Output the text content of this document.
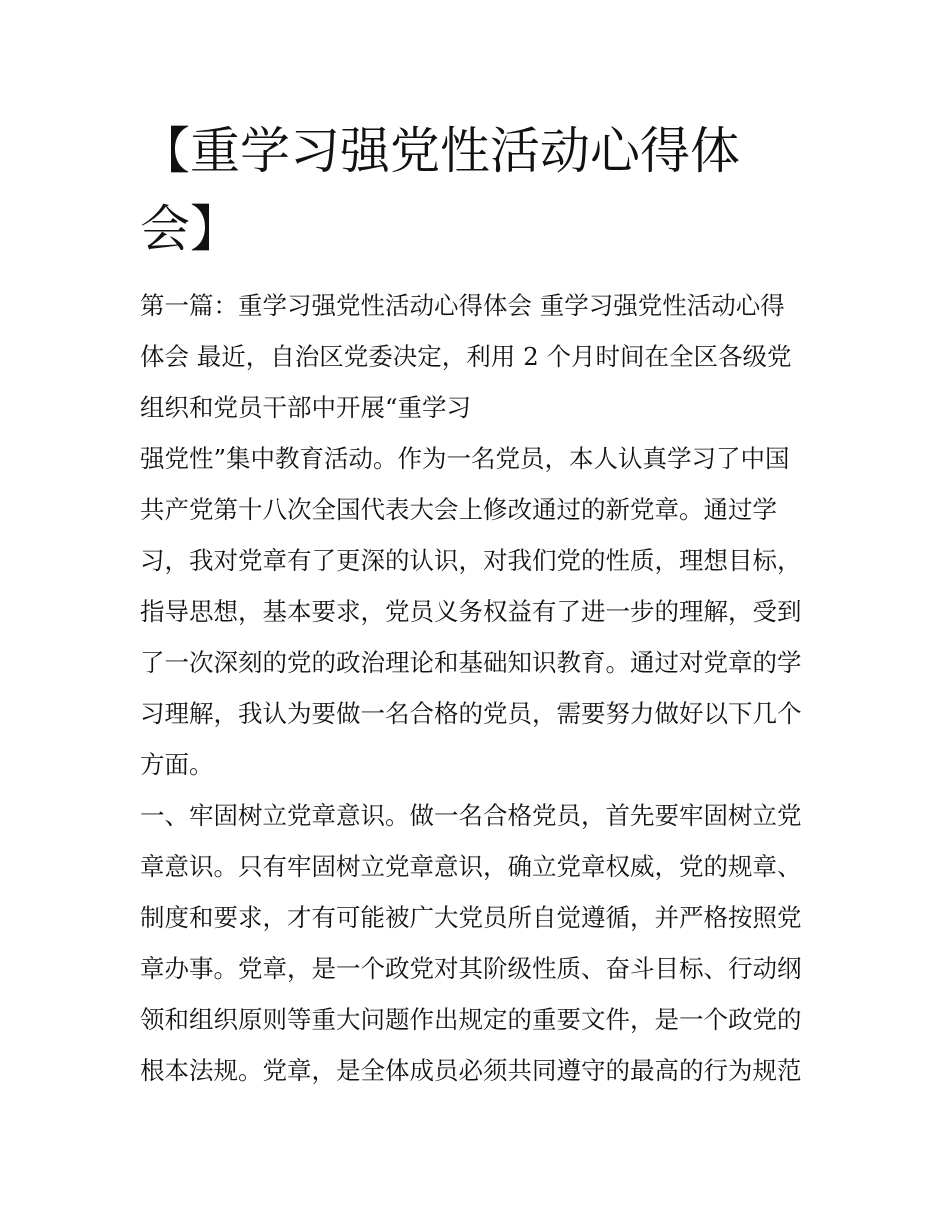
【重学习强党性活动心得体
会】
第一篇：重学习强党性活动心得体会 重学习强党性活动心得
体会 最近，自治区党委决定，利用 2 个月时间在全区各级党
组织和党员干部中开展“重学习
强党性”集中教育活动。作为一名党员，本人认真学习了中国
共产党第十八次全国代表大会上修改通过的新党章。通过学
习，我对党章有了更深的认识，对我们党的性质，理想目标，
指导思想，基本要求，党员义务权益有了进一步的理解，受到
了一次深刻的党的政治理论和基础知识教育。通过对党章的学
习理解，我认为要做一名合格的党员，需要努力做好以下几个
方面。
一、牢固树立党章意识。做一名合格党员，首先要牢固树立党
章意识。只有牢固树立党章意识，确立党章权威，党的规章、
制度和要求，才有可能被广大党员所自觉遵循，并严格按照党
章办事。党章，是一个政党对其阶级性质、奋斗目标、行动纲
领和组织原则等重大问题作出规定的重要文件，是一个政党的
根本法规。党章，是全体成员必须共同遵守的最高的行为规范
